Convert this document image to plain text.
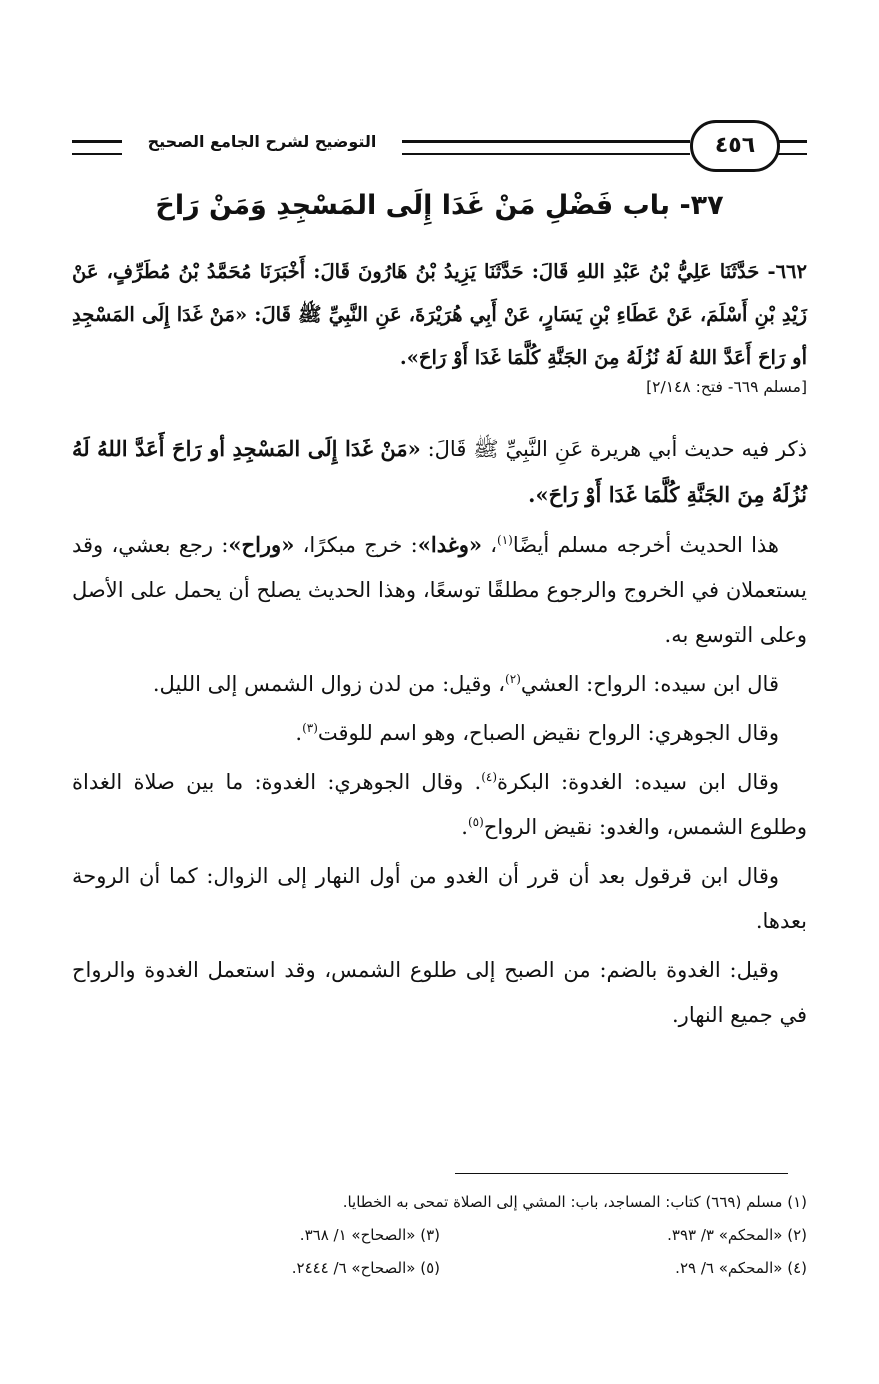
التوضيح لشرح الجامع الصحيح	٤٥٦
٣٧- باب فَضْلِ مَنْ غَدَا إِلَى المَسْجِدِ وَمَنْ رَاحَ
٦٦٢- حَدَّثَنَا عَلِيُّ بْنُ عَبْدِ اللهِ قَالَ: حَدَّثَنَا يَزِيدُ بْنُ هَارُونَ قَالَ: أَخْبَرَنَا مُحَمَّدُ بْنُ مُطَرِّفٍ، عَنْ زَيْدِ بْنِ أَسْلَمَ، عَنْ عَطَاءِ بْنِ يَسَارٍ، عَنْ أَبِي هُرَيْرَةَ، عَنِ النَّبِيِّ ﷺ قَالَ: «مَنْ غَدَا إِلَى المَسْجِدِ أو رَاحَ أَعَدَّ اللهُ لَهُ نُزُلَهُ مِنَ الجَنَّةِ كُلَّمَا غَدَا أَوْ رَاحَ».
[مسلم ٦٦٩- فتح: ٢/١٤٨]

ذكر فيه حديث أبي هريرة عَنِ النَّبِيِّ ﷺ قَالَ: «مَنْ غَدَا إِلَى المَسْجِدِ أو رَاحَ أَعَدَّ اللهُ لَهُ نُزُلَهُ مِنَ الجَنَّةِ كُلَّمَا غَدَا أَوْ رَاحَ».

هذا الحديث أخرجه مسلم أيضًا$^{(١)}$، «وغدا»: خرج مبكرًا، «وراح»: رجع بعشي، وقد يستعملان في الخروج والرجوع مطلقًا توسعًا، وهذا الحديث يصلح أن يحمل على الأصل وعلى التوسع به.

قال ابن سيده: الرواح: العشي$^{(٢)}$، وقيل: من لدن زوال الشمس إلى الليل.

وقال الجوهري: الرواح نقيض الصباح، وهو اسم للوقت$^{(٣)}$.

وقال ابن سيده: الغدوة: البكرة$^{(٤)}$. وقال الجوهري: الغدوة: ما بين صلاة الغداة وطلوع الشمس، والغدو: نقيض الرواح$^{(٥)}$.

وقال ابن قرقول بعد أن قرر أن الغدو من أول النهار إلى الزوال: كما أن الروحة بعدها.

وقيل: الغدوة بالضم: من الصبح إلى طلوع الشمس، وقد استعمل الغدوة والرواح في جميع النهار.

(١) مسلم (٦٦٩) كتاب: المساجد، باب: المشي إلى الصلاة تمحى به الخطايا.
(٢) «المحكم» ٣/ ٣٩٣.
(٣) «الصحاح» ١/ ٣٦٨.
(٤) «المحكم» ٦/ ٢٩.
(٥) «الصحاح» ٦/ ٢٤٤٤.
